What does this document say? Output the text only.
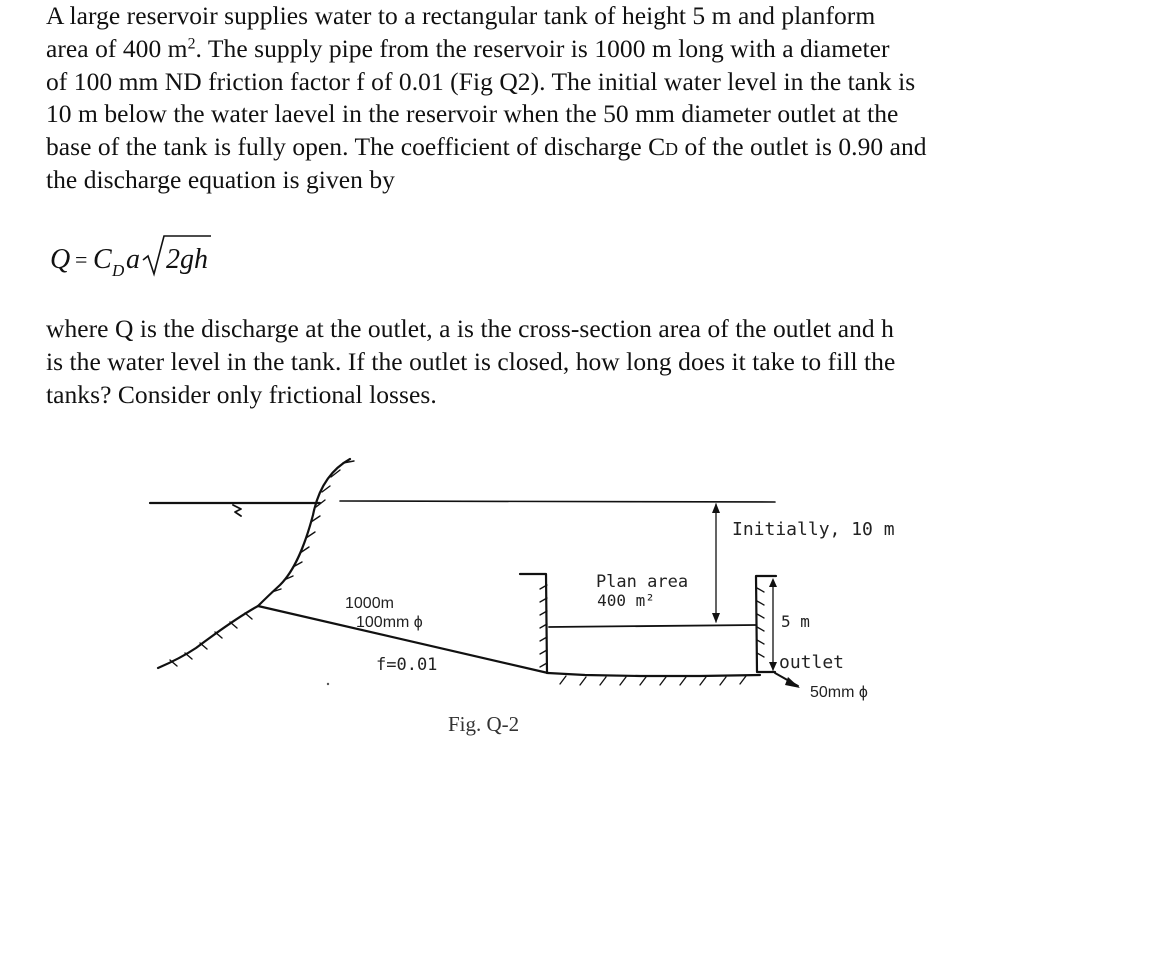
A large reservoir supplies water to a rectangular tank of height 5 m and planform
area of 400 $m^2$. The supply pipe from the reservoir is 1000 m long with a diameter
of 100 mm ND friction factor f of 0.01 (Fig Q2). The initial water level in the tank is
10 m below the water laevel in the reservoir when the 50 mm diameter outlet at the
base of the tank is fully open. The coefficient of discharge CD of the outlet is 0.90 and
the discharge equation is given by
Q = C D a 2gh
where Q is the discharge at the outlet, a is the cross-section area of the outlet and h
is the water level in the tank. If the outlet is closed, how long does it take to fill the
tanks? Consider only frictional losses.
Initially, 10 m
Plan area
400 m²
1000m
100mm ϕ
f=0.01
5 m
outlet
50mm ϕ
Fig. Q-2
